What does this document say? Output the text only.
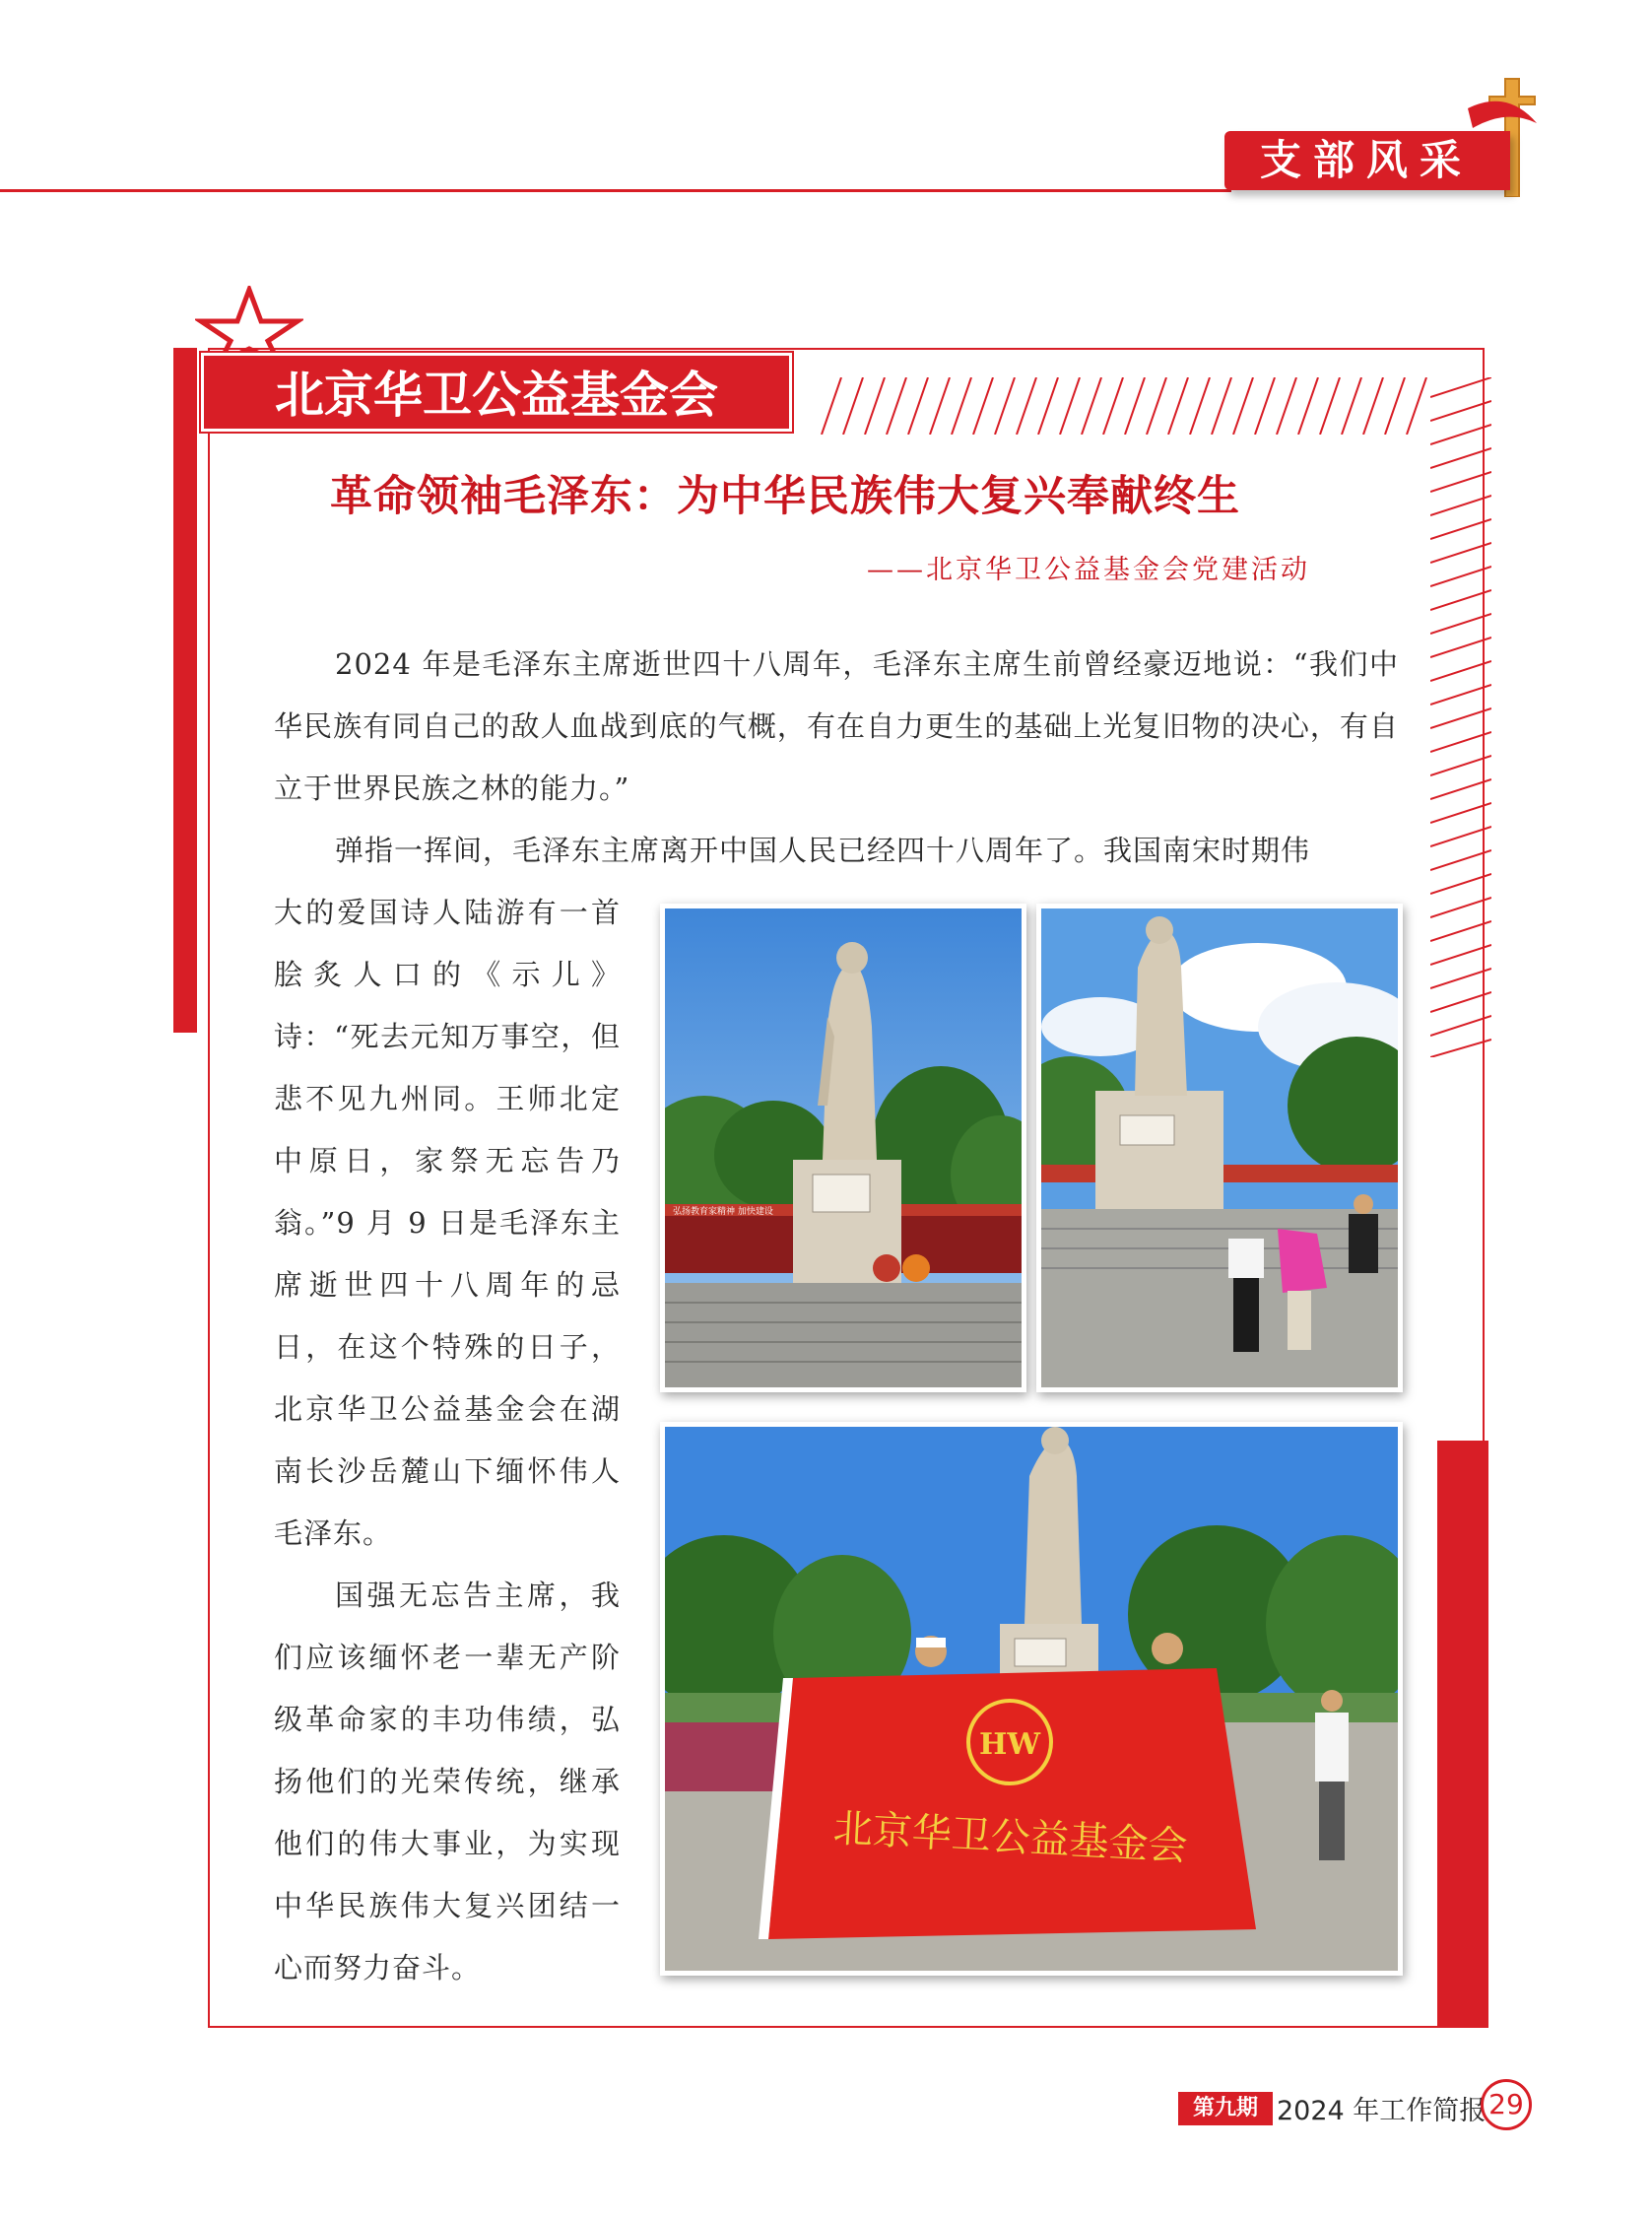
支部风采
北京华卫公益基金会
革命领袖毛泽东：为中华民族伟大复兴奉献终生
——北京华卫公益基金会党建活动
2024 年是毛泽东主席逝世四十八周年，毛泽东主席生前曾经豪迈地说：“我们中华民族有同自己的敌人血战到底的气概，有在自力更生的基础上光复旧物的决心，有自立于世界民族之林的能力。”
弹指一挥间，毛泽东主席离开中国人民已经四十八周年了。我国南宋时期伟
大的爱国诗人陆游有一首脍炙人口的《示儿》诗：“死去元知万事空，但悲不见九州同。王师北定中原日，家祭无忘告乃翁。”9 月 9 日是毛泽东主席逝世四十八周年的忌日，在这个特殊的日子，北京华卫公益基金会在湖南长沙岳麓山下缅怀伟人毛泽东。
国强无忘告主席，我们应该缅怀老一辈无产阶级革命家的丰功伟绩，弘扬他们的光荣传统，继承他们的伟大事业，为实现中华民族伟大复兴团结一心而努力奋斗。
弘扬教育家精神 加快建设
HW
北京华卫公益基金会
第九期 2024 年工作简报 29
